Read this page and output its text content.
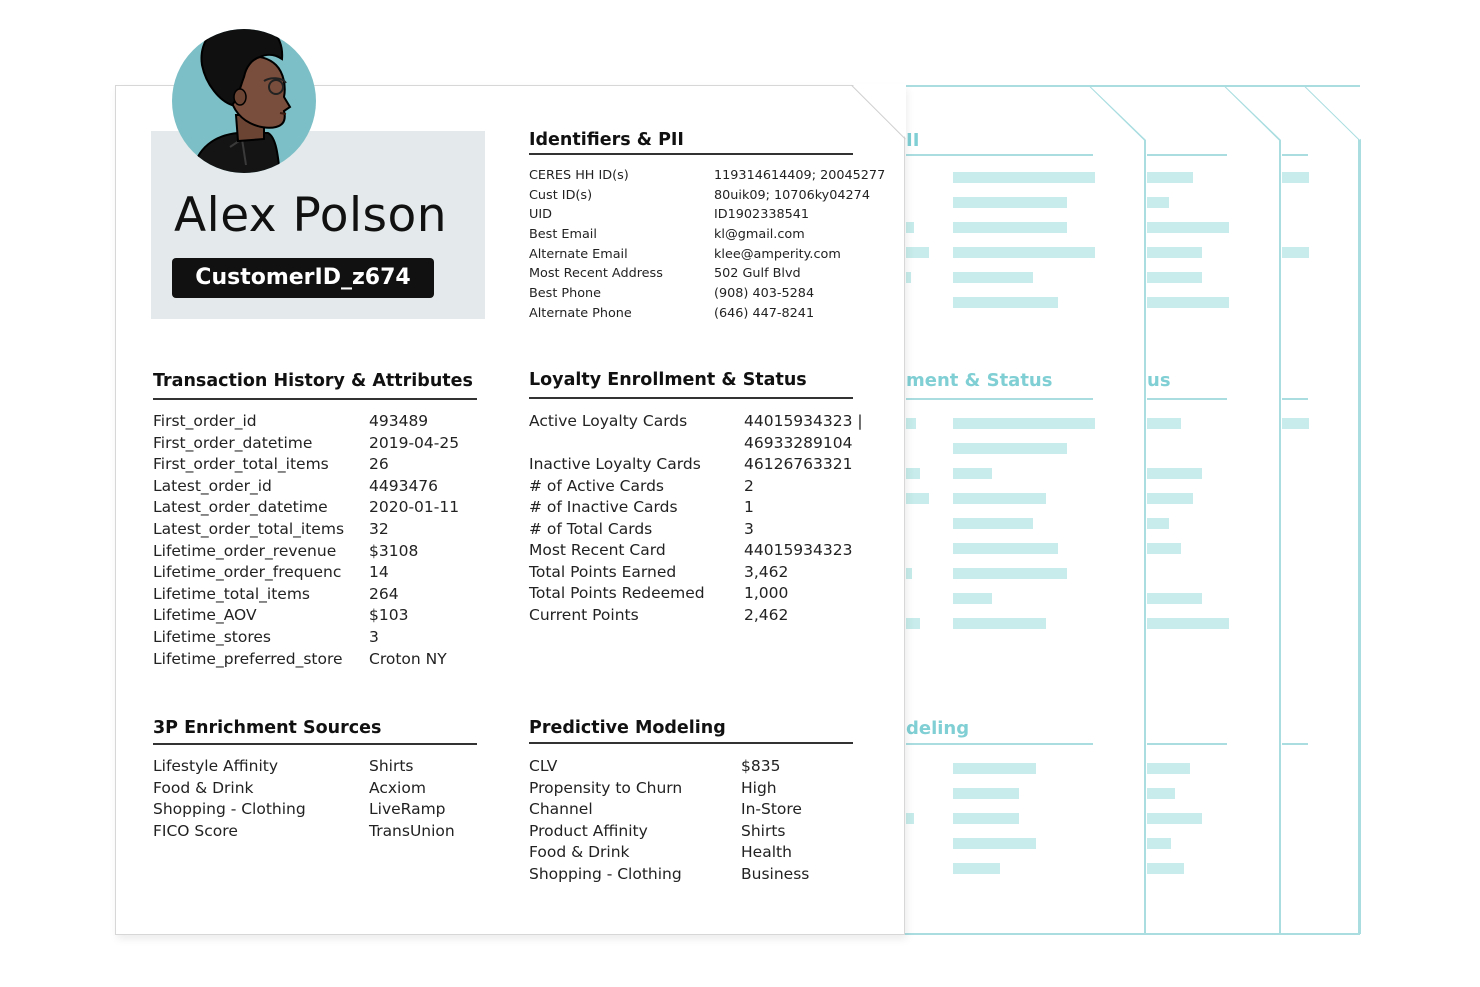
II
ment & Status
deling
us
Alex Polson
CustomerID_z674
Identifiers & PII
Transaction History & Attributes	Loyalty Enrollment & Status
3P Enrichment Sources	Predictive Modeling
CERES HH ID(s)	119314614409; 20045277
Cust ID(s)	80uik09; 10706ky04274
UID	ID1902338541
Best Email	kl@gmail.com
Alternate Email	klee@amperity.com
Most Recent Address	502 Gulf Blvd
Best Phone	(908) 403-5284
Alternate Phone	(646) 447-8241
First_order_id	493489
First_order_datetime	2019-04-25
First_order_total_items	26
Latest_order_id	4493476
Latest_order_datetime	2020-01-11
Latest_order_total_items 32
Lifetime_order_revenue $3108
Lifetime_order_frequenc 14
Lifetime_total_items	264
Lifetime_AOV	$103
Lifetime_stores	3
Lifetime_preferred_store Croton NY
Active Loyalty Cards	44015934323 |
46933289104
Inactive Loyalty Cards	46126763321
# of Active Cards	2
# of Inactive Cards	1
# of Total Cards	3
Most Recent Card	44015934323
Total Points Earned	3,462
Total Points Redeemed	1,000
Current Points	2,462
Lifestyle Affinity	Shirts
Food & Drink	Acxiom
Shopping - Clothing	LiveRamp
FICO Score	TransUnion
CLV	$835
Propensity to Churn	High
Channel	In-Store
Product Affinity	Shirts
Food & Drink	Health
Shopping - Clothing	Business
